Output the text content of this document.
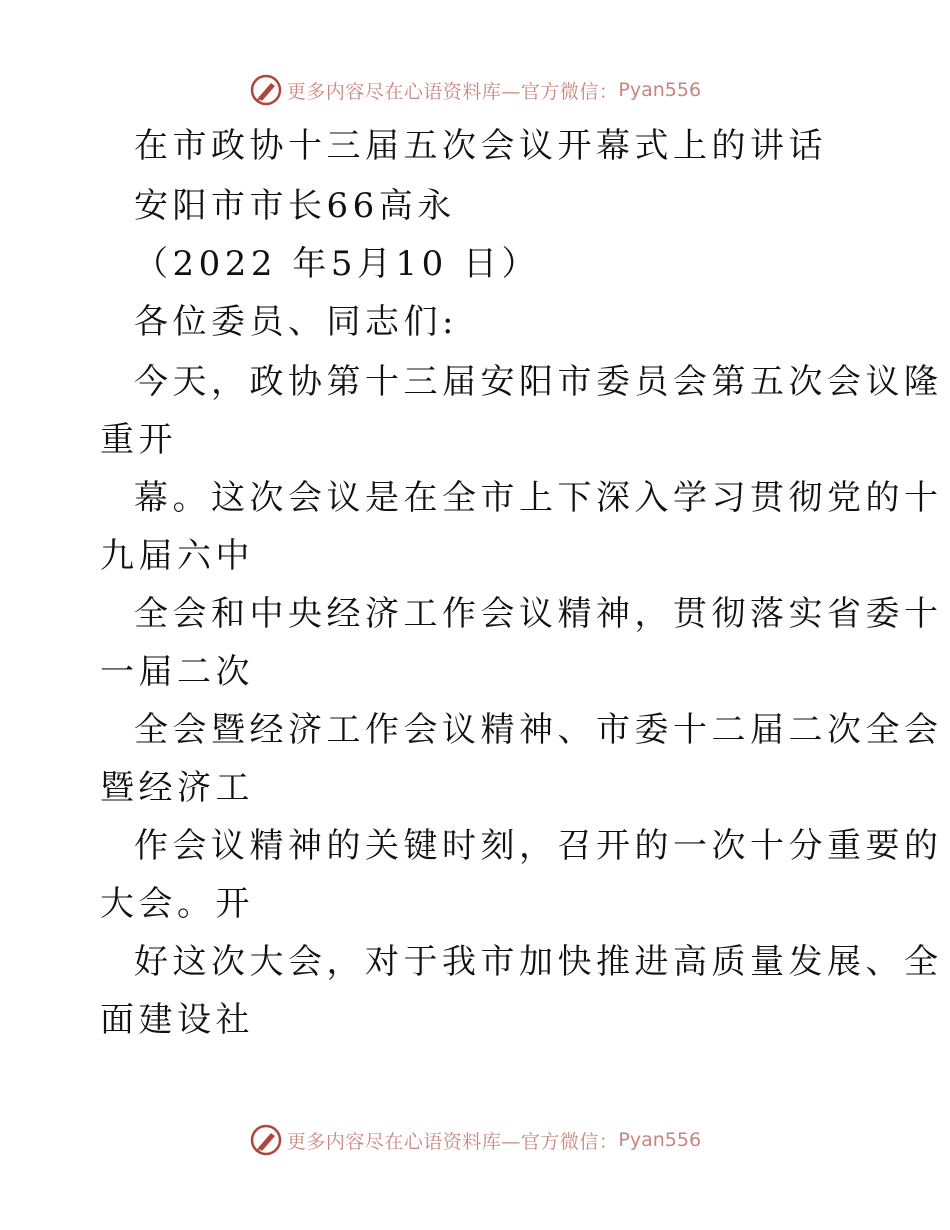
更多内容尽在心语资料库—官方微信： Pyan556
在市政协十三届五次会议开幕式上的讲话
安阳市市长66高永
（2022 年5月10 日）
各位委员、同志们:
今天，政协第十三届安阳市委员会第五次会议隆
重开
幕。这次会议是在全市上下深入学习贯彻党的十
九届六中
全会和中央经济工作会议精神，贯彻落实省委十
一届二次
全会暨经济工作会议精神、市委十二届二次全会
暨经济工
作会议精神的关键时刻，召开的一次十分重要的
大会。开
好这次大会，对于我市加快推进高质量发展、全
面建设社
更多内容尽在心语资料库—官方微信： Pyan556
